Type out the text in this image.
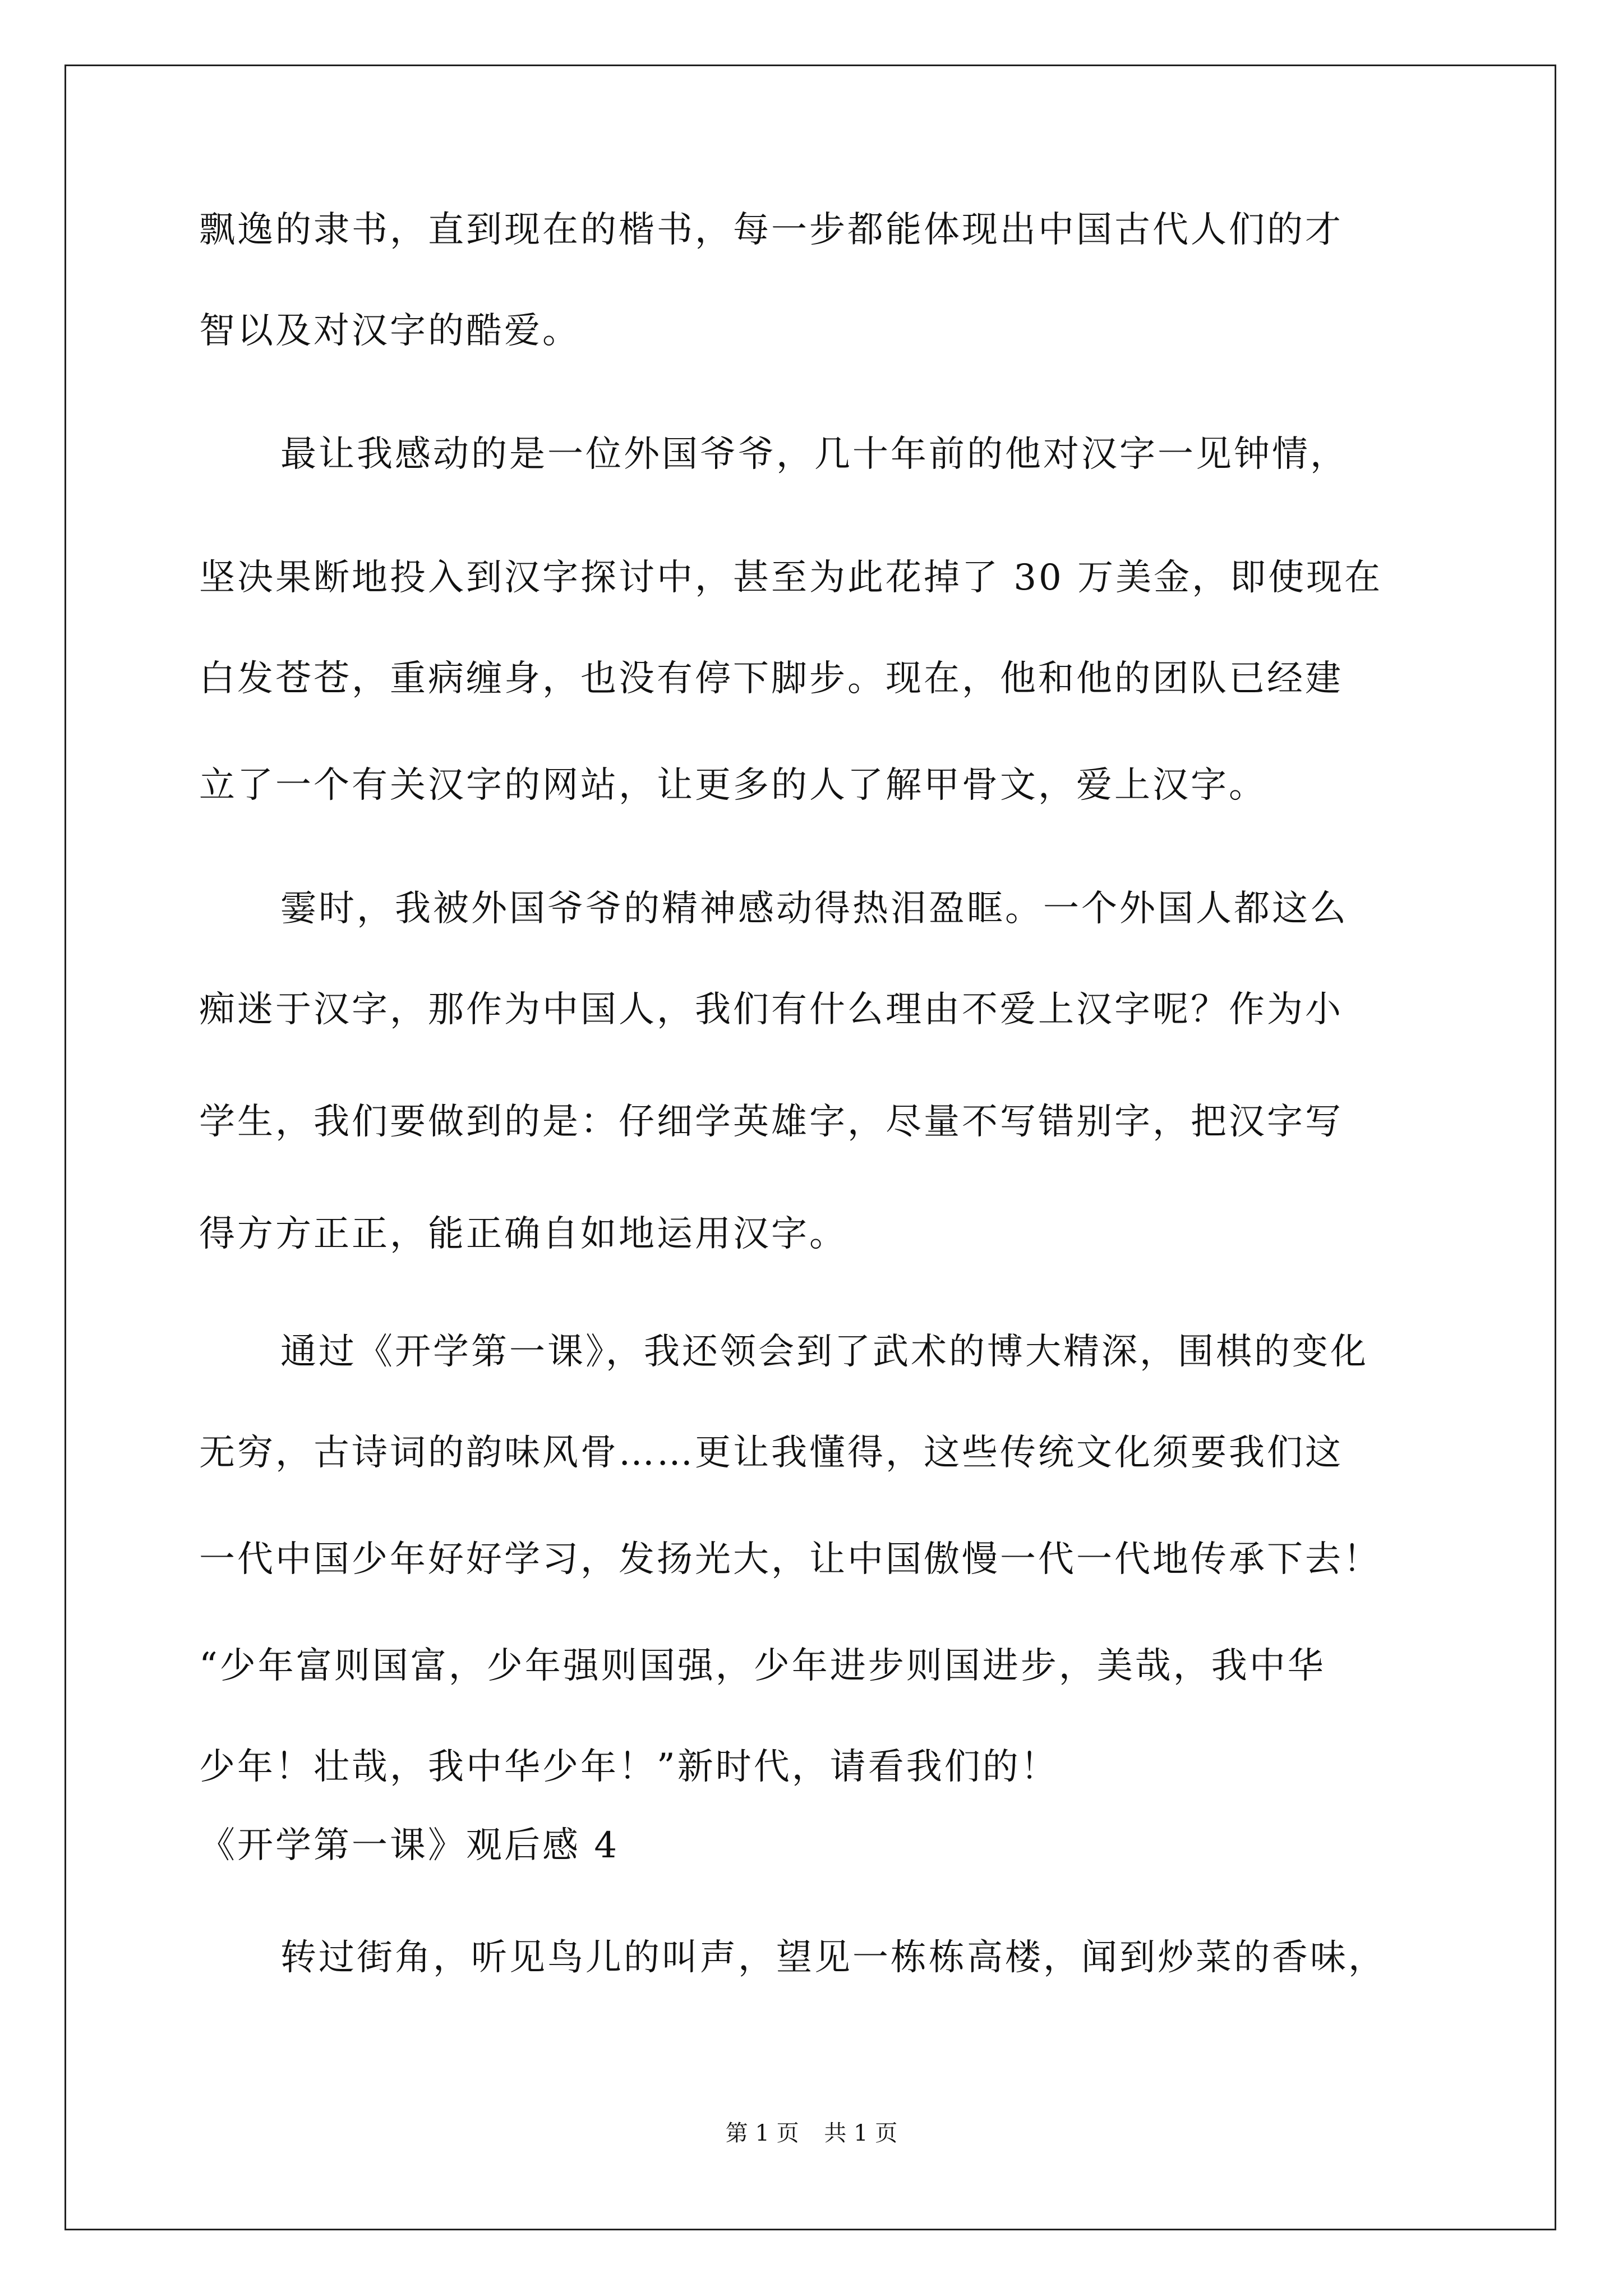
飘逸的隶书，直到现在的楷书，每一步都能体现出中国古代人们的才
智以及对汉字的酷爱。
最让我感动的是一位外国爷爷，几十年前的他对汉字一见钟情，
坚决果断地投入到汉字探讨中，甚至为此花掉了 30 万美金，即使现在
白发苍苍，重病缠身，也没有停下脚步。现在，他和他的团队已经建
立了一个有关汉字的网站，让更多的人了解甲骨文，爱上汉字。
霎时，我被外国爷爷的精神感动得热泪盈眶。一个外国人都这么
痴迷于汉字，那作为中国人，我们有什么理由不爱上汉字呢？作为小
学生，我们要做到的是：仔细学英雄字，尽量不写错别字，把汉字写
得方方正正，能正确自如地运用汉字。
通过《开学第一课》，我还领会到了武术的博大精深，围棋的变化
无穷，古诗词的韵味风骨……更让我懂得，这些传统文化须要我们这
一代中国少年好好学习，发扬光大，让中国傲慢一代一代地传承下去！
“少年富则国富，少年强则国强，少年进步则国进步，美哉，我中华
少年！壮哉，我中华少年！”新时代，请看我们的！
《开学第一课》观后感 4
转过街角，听见鸟儿的叫声，望见一栋栋高楼，闻到炒菜的香味，
第 1 页 共 1 页
